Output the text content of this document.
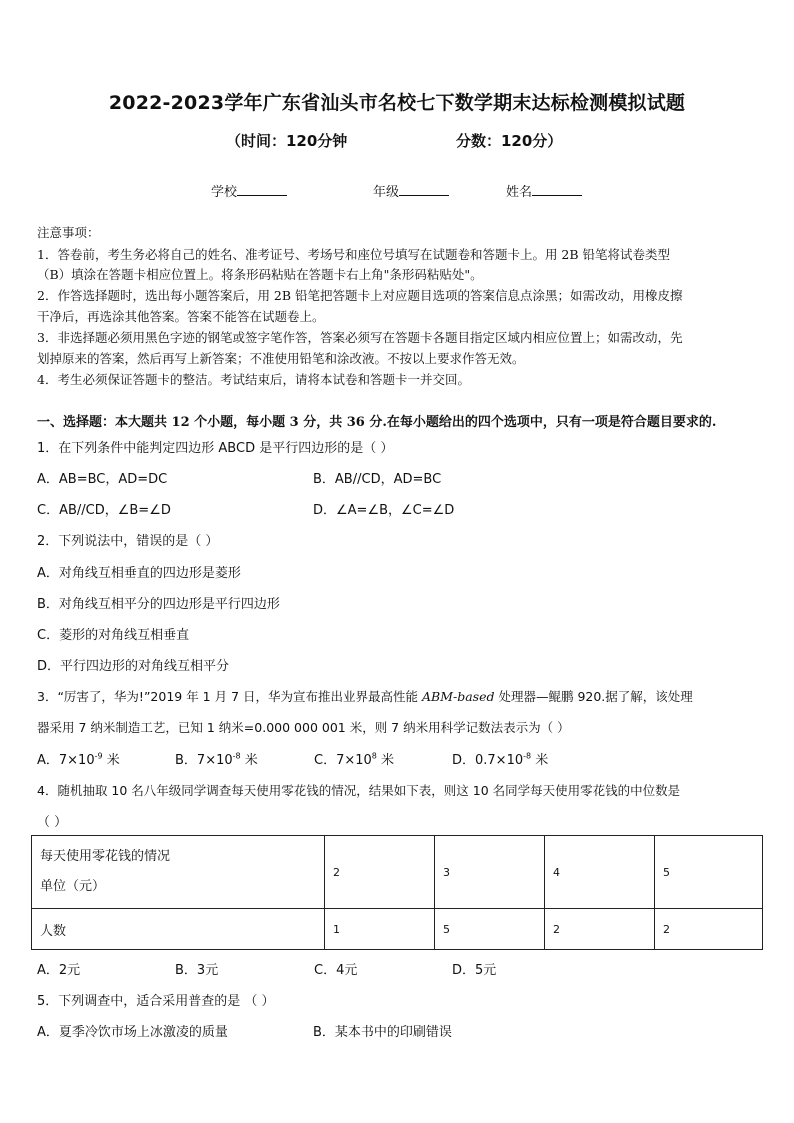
2022-2023学年广东省汕头市名校七下数学期末达标检测模拟试题
（时间：120分钟	分数：120分）
学校	年级	姓名
注意事项：
1．答卷前，考生务必将自己的姓名、准考证号、考场号和座位号填写在试题卷和答题卡上。用 2B 铅笔将试卷类型
（B）填涂在答题卡相应位置上。将条形码粘贴在答题卡右上角"条形码粘贴处"。
2．作答选择题时，选出每小题答案后，用 2B 铅笔把答题卡上对应题目选项的答案信息点涂黑；如需改动，用橡皮擦
干净后，再选涂其他答案。答案不能答在试题卷上。
3．非选择题必须用黑色字迹的钢笔或签字笔作答，答案必须写在答题卡各题目指定区域内相应位置上；如需改动，先
划掉原来的答案，然后再写上新答案；不准使用铅笔和涂改液。不按以上要求作答无效。
4．考生必须保证答题卡的整洁。考试结束后，请将本试卷和答题卡一并交回。
一、选择题：本大题共 12 个小题，每小题 3 分，共 36 分.在每小题给出的四个选项中，只有一项是符合题目要求的.
1．在下列条件中能判定四边形 ABCD 是平行四边形的是（ ）
A．AB=BC，AD=DC	B．AB//CD，AD=BC
C．AB//CD，∠B=∠D	D．∠A=∠B，∠C=∠D
2．下列说法中，错误的是（ ）
A．对角线互相垂直的四边形是菱形
B．对角线互相平分的四边形是平行四边形
C．菱形的对角线互相垂直
D．平行四边形的对角线互相平分
3．“厉害了，华为!”2019 年 1 月 7 日，华为宣布推出业界最高性能 ABM-based 处理器—鲲鹏 920.据了解，该处理
器采用 7 纳米制造工艺，已知 1 纳米=0.000 000 001 米，则 7 纳米用科学记数法表示为（ ）
A．$7\times 10^{-9}$ 米	B．$7\times 10^{-8}$ 米	C．$7\times 10^8$ 米	D．$0.7\times 10^{-8}$ 米
4．随机抽取 10 名八年级同学调查每天使用零花钱的情况，结果如下表，则这 10 名同学每天使用零花钱的中位数是
（ ）
每天使用零花钱的情况
单位（元）	2	3	4	5
人数	1	5	2	2
A．2元	B．3元	C．4元	D．5元
5．下列调查中，适合采用普查的是 （ ）
A．夏季冷饮市场上冰激凌的质量	B．某本书中的印刷错误
